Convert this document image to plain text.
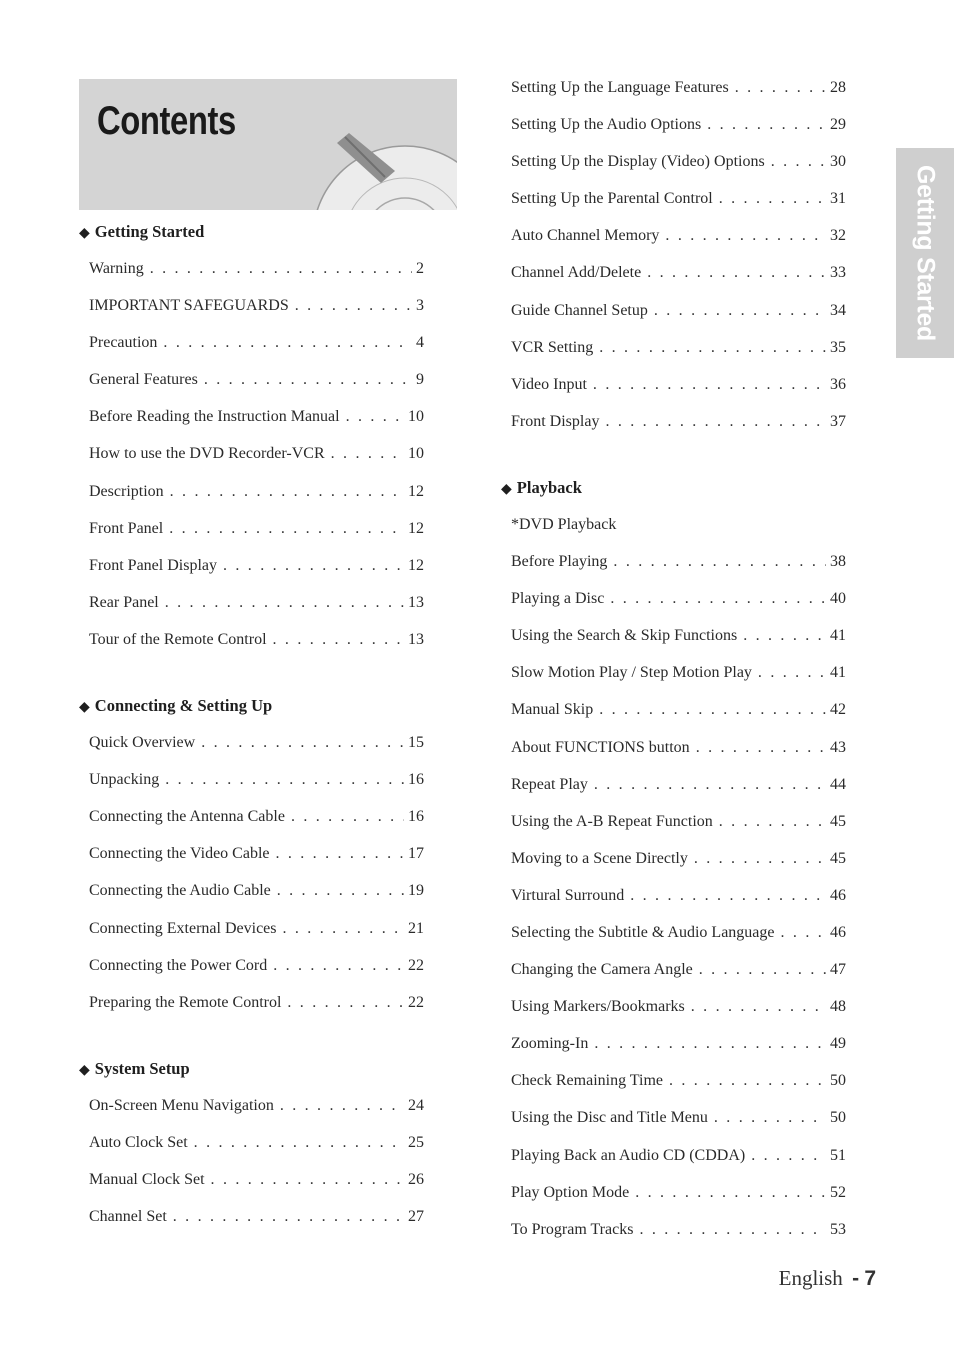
Contents
Getting Started
◆ Getting Started
Warning . . .	2
IMPORTANT SAFEGUARDS . . .	3
Precaution . . .	4
General Features . . .	9
Before Reading the Instruction Manual . . .	10
How to use the DVD Recorder-VCR . . .	10
Description . . .	12
Front Panel . . .	12
Front Panel Display . . .	12
Rear Panel . . .	13
Tour of the Remote Control . . .	13
◆ Connecting & Setting Up
Quick Overview . . .	15
Unpacking . . .	16
Connecting the Antenna Cable . . .	16
Connecting the Video Cable . . .	17
Connecting the Audio Cable . . .	19
Connecting External Devices . . .	21
Connecting the Power Cord . . .	22
Preparing the Remote Control . . .	22
◆ System Setup
On-Screen Menu Navigation . . .	24
Auto Clock Set . . .	25
Manual Clock Set . . .	26
Channel Set . . .	27
Setting Up the Language Features . . .	28
Setting Up the Audio Options . . .	29
Setting Up the Display (Video) Options . . .	30
Setting Up the Parental Control . . .	31
Auto Channel Memory . . .	32
Channel Add/Delete . . .	33
Guide Channel Setup . . .	34
VCR Setting . . .	35
Video Input . . .	36
Front Display . . .	37
◆ Playback
*DVD Playback
Before Playing . . .	38
Playing a Disc . . .	40
Using the Search & Skip Functions . . .	41
Slow Motion Play / Step Motion Play . . .	41
Manual Skip . . .	42
About FUNCTIONS button . . .	43
Repeat Play . . .	44
Using the A-B Repeat Function . . .	45
Moving to a Scene Directly . . .	45
Virtural Surround . . .	46
Selecting the Subtitle & Audio Language . . .	46
Changing the Camera Angle . . .	47
Using Markers/Bookmarks . . .	48
Zooming-In . . .	49
Check Remaining Time . . .	50
Using the Disc and Title Menu . . .	50
Playing Back an Audio CD (CDDA) . . .	51
Play Option Mode . . .	52
To Program Tracks . . .	53
English - 7
